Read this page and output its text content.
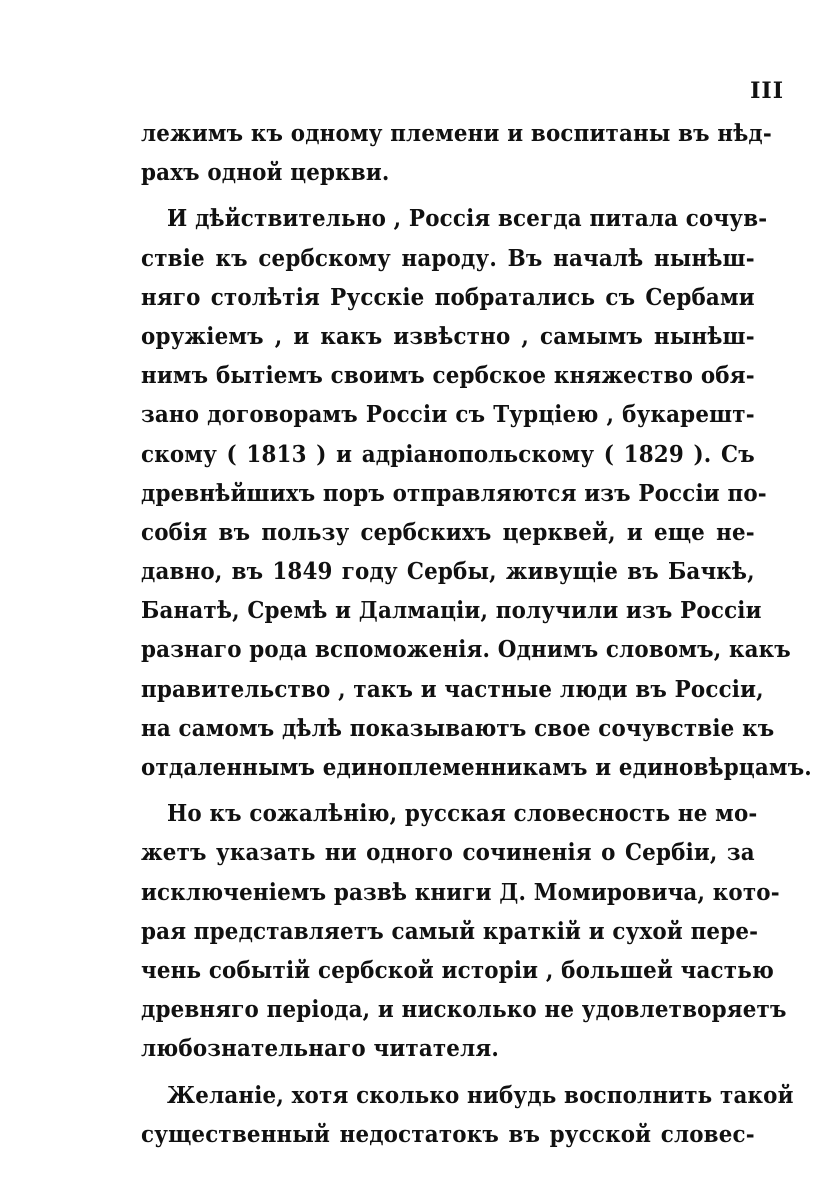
III
лежимъ къ одному племени и воспитаны въ нѣд-
рахъ одной церкви.
И дѣйствительно , Россія всегда питала сочув-
ствіе къ сербскому народу. Въ началѣ нынѣш-
няго столѣтія Русскіе побратались съ Сербами
оружіемъ , и какъ извѣстно , самымъ нынѣш-
нимъ бытіемъ своимъ сербское княжество обя-
зано договорамъ Россіи съ Турціею , букарешт-
скому ( 1813 ) и адріанопольскому ( 1829 ). Съ
древнѣйшихъ поръ отправляются изъ Россіи по-
собія въ пользу сербскихъ церквей, и еще не-
давно, въ 1849 году Сербы, живущіе въ Бачкѣ,
Банатѣ, Сремѣ и Далмаціи, получили изъ Россіи
разнаго рода вспоможенія. Однимъ словомъ, какъ
правительство , такъ и частные люди въ Россіи,
на самомъ дѣлѣ показываютъ свое сочувствіе къ
отдаленнымъ единоплеменникамъ и единовѣрцамъ.
Но къ сожалѣнію, русская словесность не мо-
жетъ указать ни одного сочиненія о Сербіи, за
исключеніемъ развѣ книги Д. Момировича, кото-
рая представляетъ самый краткій и сухой пере-
чень событій сербской исторіи , большей частью
древняго періода, и нисколько не удовлетворяетъ
любознательнаго читателя.
Желаніе, хотя сколько нибудь восполнить такой
существенный недостатокъ въ русской словес-
